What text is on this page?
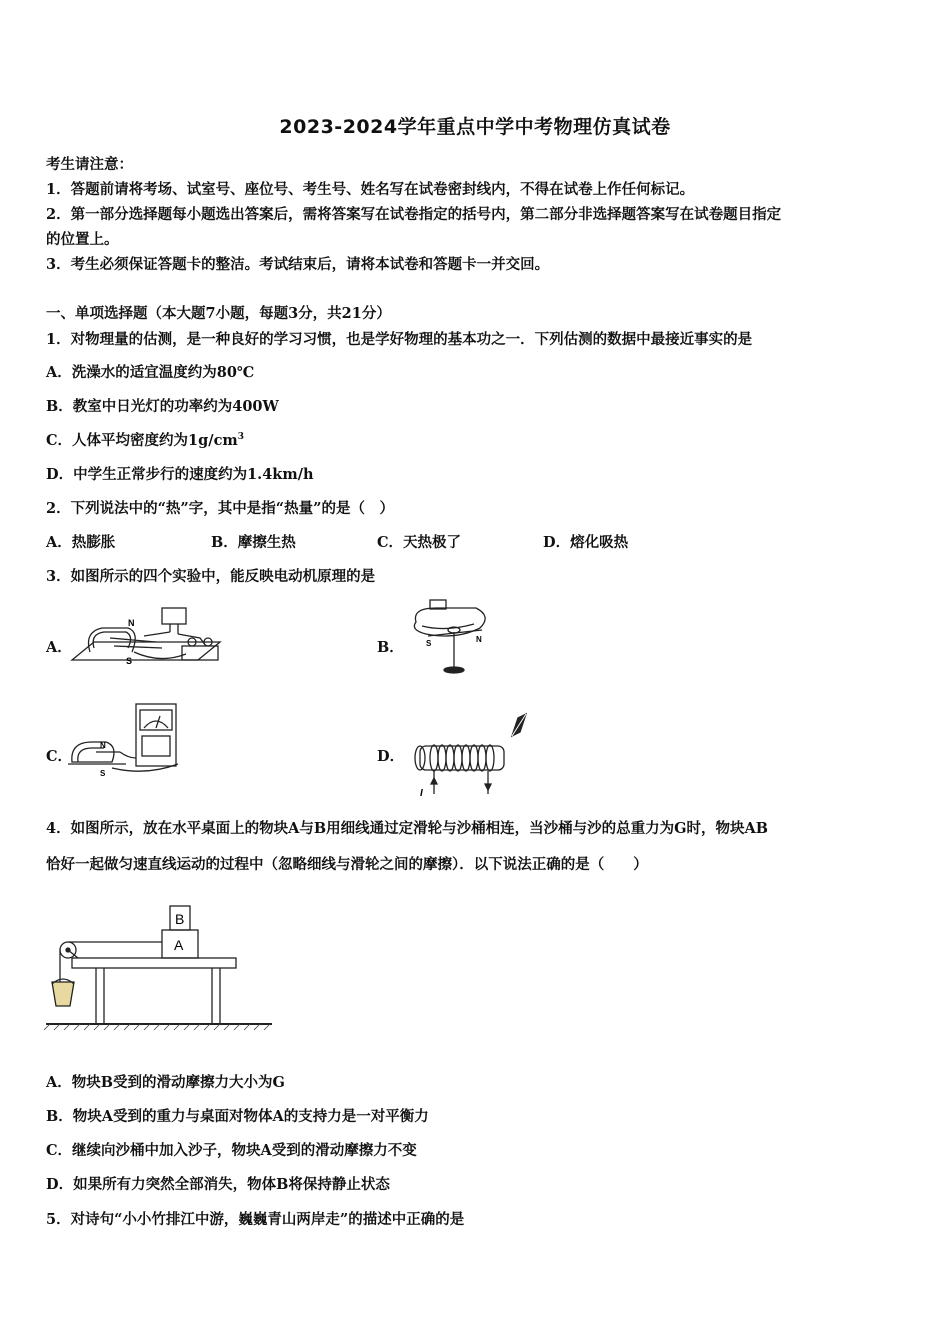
2023-2024学年重点中学中考物理仿真试卷
考生请注意：
1．答题前请将考场、试室号、座位号、考生号、姓名写在试卷密封线内，不得在试卷上作任何标记。
2．第一部分选择题每小题选出答案后，需将答案写在试卷指定的括号内，第二部分非选择题答案写在试卷题目指定
的位置上。
3．考生必须保证答题卡的整洁。考试结束后，请将本试卷和答题卡一并交回。
一、单项选择题（本大题7小题，每题3分，共21分）
1．对物理量的估测，是一种良好的学习习惯，也是学好物理的基本功之一．下列估测的数据中最接近事实的是
A．洗澡水的适宜温度约为80℃
B．教室中日光灯的功率约为400W
C．人体平均密度约为$1g/cm^3$
D．中学生正常步行的速度约为1.4km/h
2．下列说法中的“热”字，其中是指“热量”的是（　）
A．热膨胀	B．摩擦生热	C．天热极了	D．熔化吸热
3．如图所示的四个实验中，能反映电动机原理的是
A．
N
S
B．	S	N
C．
N
S
D．
I
4．如图所示，放在水平桌面上的物块A与B用细线通过定滑轮与沙桶相连，当沙桶与沙的总重力为G时，物块AB
恰好一起做匀速直线运动的过程中（忽略细线与滑轮之间的摩擦）．以下说法正确的是（　　）
B
A
A．物块B受到的滑动摩擦力大小为G
B．物块A受到的重力与桌面对物体A的支持力是一对平衡力
C．继续向沙桶中加入沙子，物块A受到的滑动摩擦力不变
D．如果所有力突然全部消失，物体B将保持静止状态
5．对诗句“小小竹排江中游，巍巍青山两岸走”的描述中正确的是
